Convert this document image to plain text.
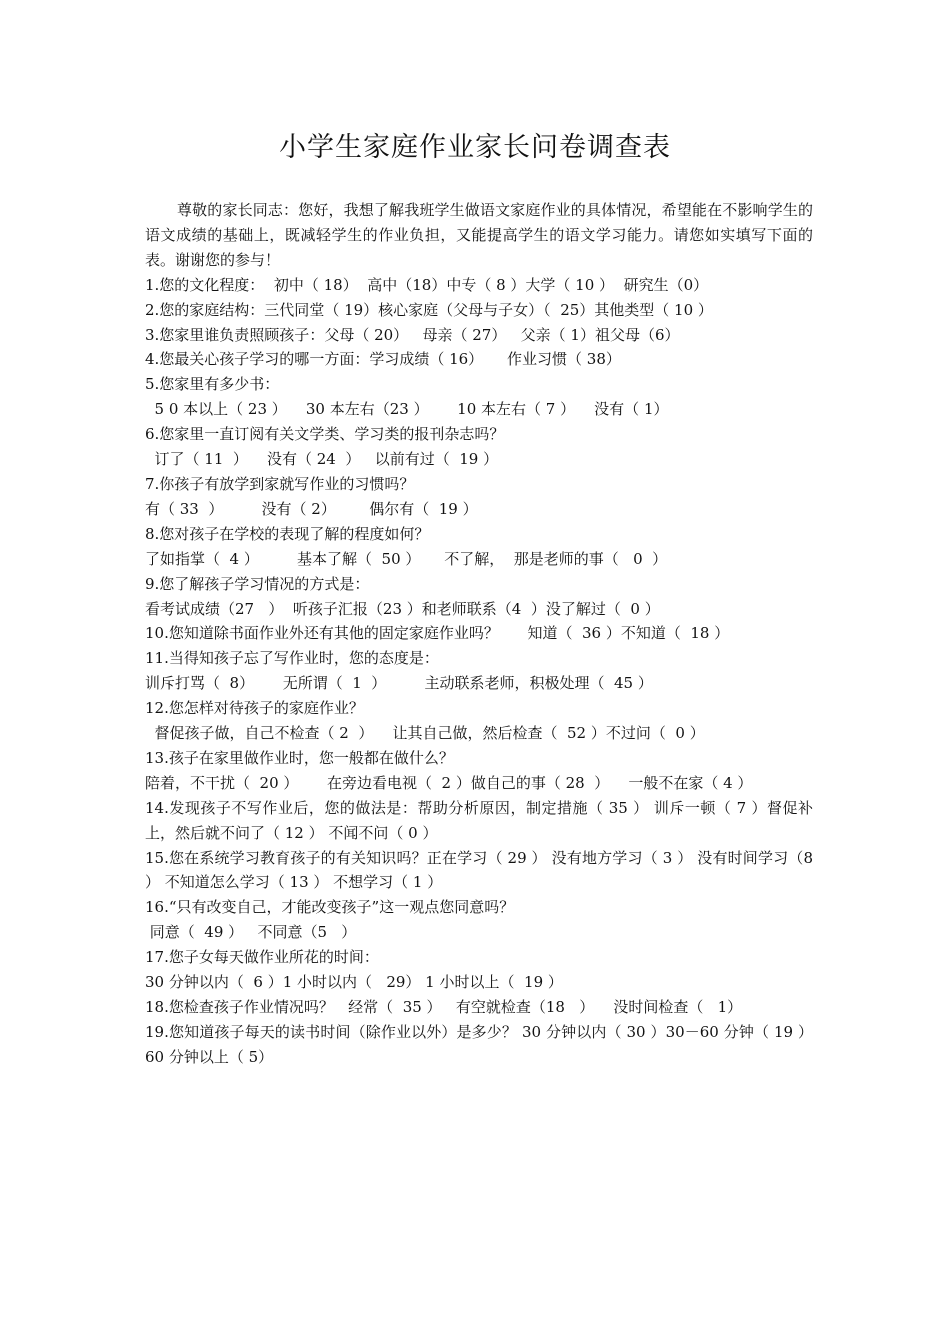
小学生家庭作业家长问卷调查表

尊敬的家长同志：您好，我想了解我班学生做语文家庭作业的具体情况，希望能在不影响学生的语文成绩的基础上，既减轻学生的作业负担，又能提高学生的语文学习能力。请您如实填写下面的表。谢谢您的参与！

1.您的文化程度：  初中（ 18）  高中（18）中专（ 8 ）大学（ 10 ）  研究生（0）

2.您的家庭结构：三代同堂（ 19）核心家庭（父母与子女）（  25）其他类型（ 10 ）

3.您家里谁负责照顾孩子：父母（ 20）   母亲（ 27）   父亲（ 1）祖父母（6）

4.您最关心孩子学习的哪一方面：学习成绩（ 16）     作业习惯（ 38）

5.您家里有多少书：

5 0 本以上（ 23 ）    30 本左右（23 ）      10 本左右（ 7 ）    没有（ 1）

6.您家里一直订阅有关文学类、学习类的报刊杂志吗？

订了（ 11  ）    没有（ 24  ）   以前有过（  19 ）

7.你孩子有放学到家就写作业的习惯吗？

有（ 33  ）        没有（ 2）       偶尔有（  19 ）

8.您对孩子在学校的表现了解的程度如何？

了如指掌（  4 ）        基本了解（  50 ）     不了解，  那是老师的事（   0  ）

9.您了解孩子学习情况的方式是：

看考试成绩（27   ）  听孩子汇报（23 ）和老师联系（4  ）没了解过（  0 ）

10.您知道除书面作业外还有其他的固定家庭作业吗？      知道（  36 ）不知道（  18 ）

11.当得知孩子忘了写作业时，您的态度是：

训斥打骂（  8）      无所谓（  1  ）        主动联系老师，积极处理（  45 ）

12.您怎样对待孩子的家庭作业？

督促孩子做，自己不检查（ 2  ）    让其自己做，然后检查（  52 ）不过问（  0 ）

13.孩子在家里做作业时，您一般都在做什么？

陪着，不干扰（  20 ）      在旁边看电视（  2 ）做自己的事（ 28  ）    一般不在家（ 4 ）

14.发现孩子不写作业后，您的做法是：帮助分析原因，制定措施（ 35 ） 训斥一顿（ 7 ）督促补上，然后就不问了（ 12 ） 不闻不问（ 0 ）

15.您在系统学习教育孩子的有关知识吗？正在学习（ 29 ） 没有地方学习（ 3 ） 没有时间学习（8 ） 不知道怎么学习（ 13 ） 不想学习（ 1 ）

16.“只有改变自己，才能改变孩子”这一观点您同意吗？

同意（  49 ）   不同意（5   ）

17.您子女每天做作业所花的时间：

30 分钟以内（  6 ）1 小时以内（   29） 1 小时以上（  19 ）

18.您检查孩子作业情况吗？   经常（  35 ）   有空就检查（18   ）    没时间检查（   1）

19.您知道孩子每天的读书时间（除作业以外）是多少？ 30 分钟以内（ 30 ）30－60 分钟（ 19 ）60 分钟以上（ 5）
